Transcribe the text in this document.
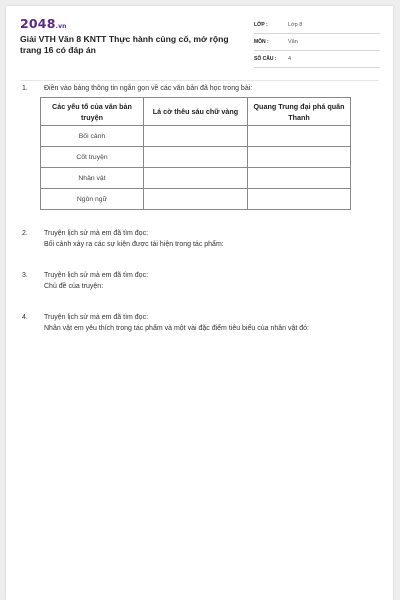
2048.vn
Giải VTH Văn 8 KNTT Thực hành củng cố, mở rộng trang 16 có đáp án
LỚP :	Lớp 8
MÔN :	Văn
SỐ CÂU : 4
1.	Điền vào bảng thông tin ngắn gọn về các văn bản đã học trong bài:
Các yếu tố của văn bản truyện	Lá cờ thêu sáu chữ vàng	Quang Trung đại phá quân Thanh
Bối cảnh		
Cốt truyện		
Nhân vật		
Ngôn ngữ		
2.	Truyện lịch sử mà em đã tìm đọc:
Bối cảnh xảy ra các sự kiện được tái hiện trong tác phẩm:
3.	Truyện lịch sử mà em đã tìm đọc:
Chủ đề của truyện:
4.	Truyện lịch sử mà em đã tìm đọc:
Nhân vật em yêu thích trong tác phẩm và một vài đặc điểm tiêu biểu của nhân vật đó:
